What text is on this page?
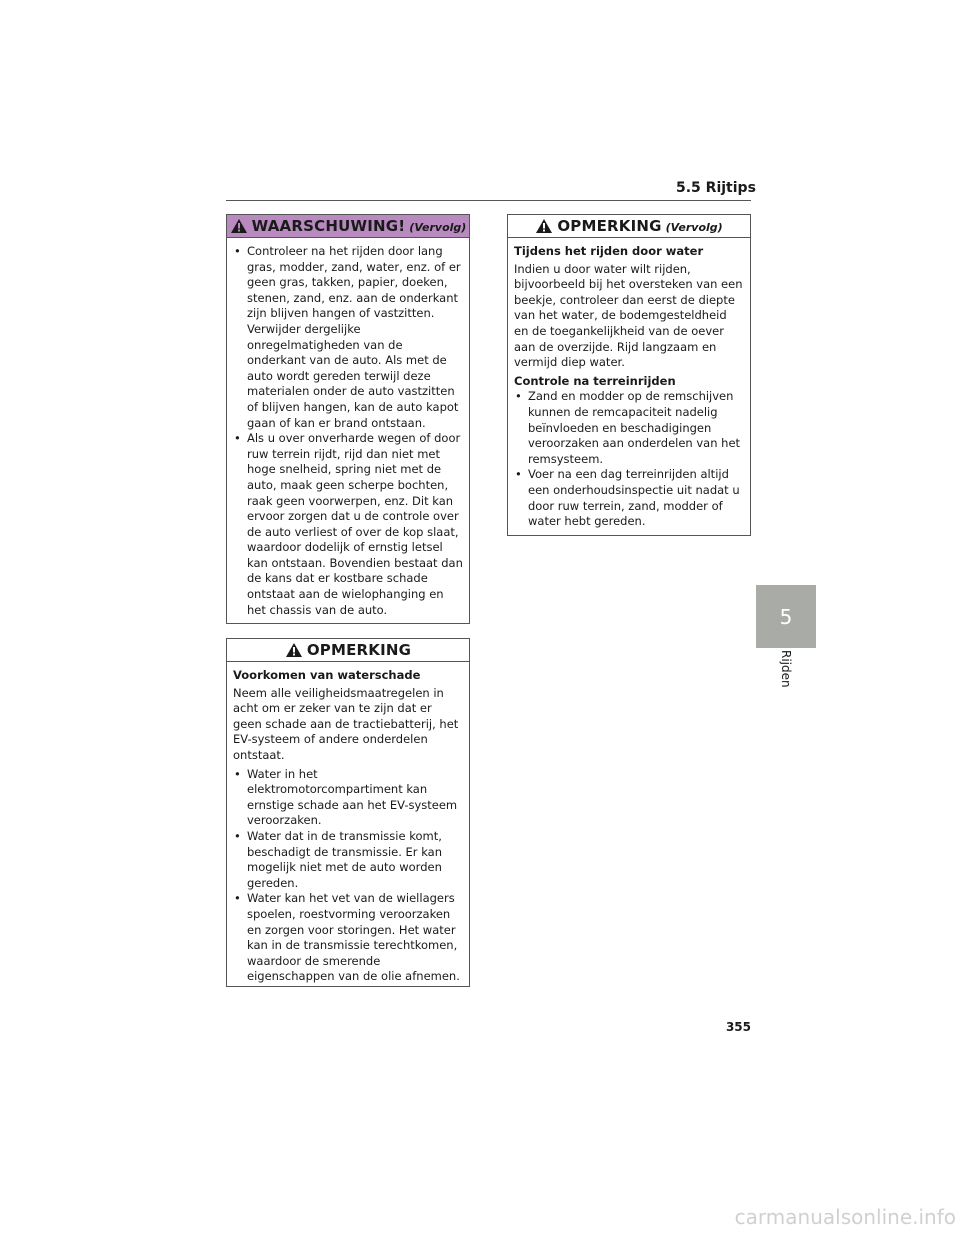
5.5 Rijtips
WAARSCHUWING! (Vervolg)
• Controleer na het rijden door lang gras, modder, zand, water, enz. of er geen gras, takken, papier, doeken, stenen, zand, enz. aan de onderkant zijn blijven hangen of vastzitten. Verwijder dergelijke onregelmatigheden van de onderkant van de auto. Als met de auto wordt gereden terwijl deze materialen onder de auto vastzitten of blijven hangen, kan de auto kapot gaan of kan er brand ontstaan.
• Als u over onverharde wegen of door ruw terrein rijdt, rijd dan niet met hoge snelheid, spring niet met de auto, maak geen scherpe bochten, raak geen voorwerpen, enz. Dit kan ervoor zorgen dat u de controle over de auto verliest of over de kop slaat, waardoor dodelijk of ernstig letsel kan ontstaan. Bovendien bestaat dan de kans dat er kostbare schade ontstaat aan de wielophanging en het chassis van de auto.
OPMERKING
Voorkomen van waterschade
Neem alle veiligheidsmaatregelen in acht om er zeker van te zijn dat er geen schade aan de tractiebatterij, het EV-systeem of andere onderdelen ontstaat.
• Water in het elektromotorcompartiment kan ernstige schade aan het EV-systeem veroorzaken.
• Water dat in de transmissie komt, beschadigt de transmissie. Er kan mogelijk niet met de auto worden gereden.
• Water kan het vet van de wiellagers spoelen, roestvorming veroorzaken en zorgen voor storingen. Het water kan in de transmissie terechtkomen, waardoor de smerende eigenschappen van de olie afnemen.
OPMERKING (Vervolg)
Tijdens het rijden door water
Indien u door water wilt rijden, bijvoorbeeld bij het oversteken van een beekje, controleer dan eerst de diepte van het water, de bodemgesteldheid en de toegankelijkheid van de oever aan de overzijde. Rijd langzaam en vermijd diep water.
Controle na terreinrijden
• Zand en modder op de remschijven kunnen de remcapaciteit nadelig beïnvloeden en beschadigingen veroorzaken aan onderdelen van het remsysteem.
• Voer na een dag terreinrijden altijd een onderhoudsinspectie uit nadat u door ruw terrein, zand, modder of water hebt gereden.
5
Rijden
355
carmanualsonline.info
